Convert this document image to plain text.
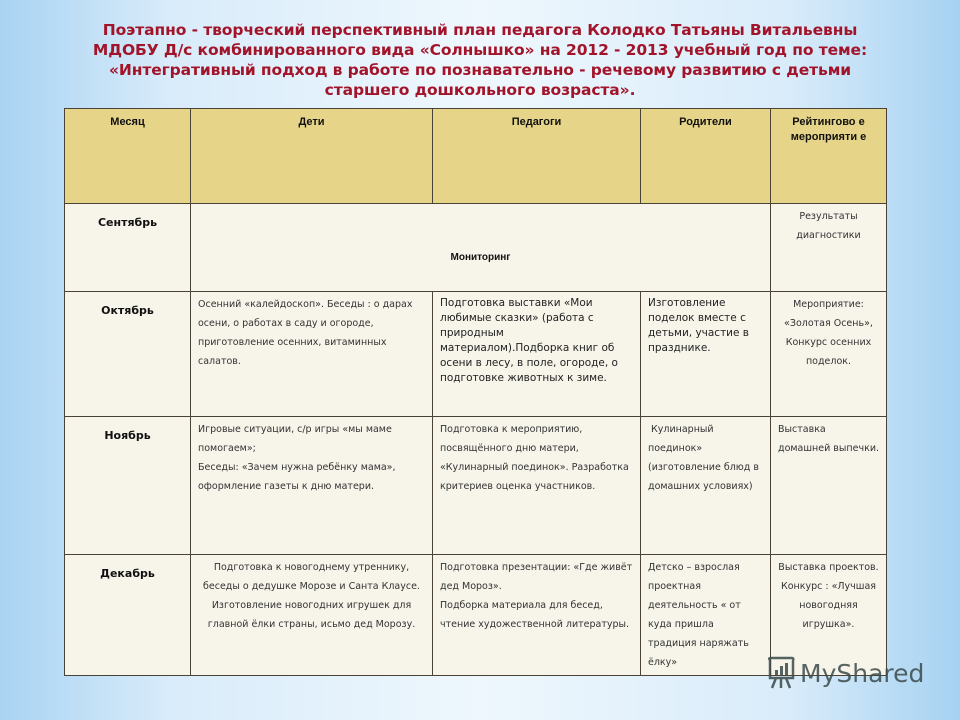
Поэтапно - творческий перспективный план педагога Колодко Татьяны Витальевны
МДОБУ Д/с комбинированного вида «Солнышко» на 2012 - 2013 учебный год по теме:
«Интегративный подход в работе по познавательно - речевому развитию с детьми
старшего дошкольного возраста».
Месяц	Дети	Педагоги	Родители	Рейтингово е мероприяти е
Сентябрь	Мониторинг			Результаты диагностики
Октябрь	Осенний «калейдоскоп». Беседы : о дарах осени, о работах в саду и огороде, приготовление осенних, витаминных салатов.	Подготовка выставки «Мои любимые сказки» (работа с природным материалом).Подборка книг об осени в лесу, в поле, огороде, о подготовке животных к зиме.	Изготовление поделок вместе с детьми, участие в празднике.	Мероприятие: «Золотая Осень», Конкурс осенних поделок.
Ноябрь	Игровые ситуации, с/р игры «мы маме помогаем»;
Беседы: «Зачем нужна ребёнку мама», оформление газеты к дню матери.	Подготовка к мероприятию, посвящённого дню матери, «Кулинарный поединок». Разработка критериев оценка участников.	Кулинарный поединок» (изготовление блюд в домашних условиях)	Выставка домашней выпечки.
Декабрь	Подготовка к новогоднему утреннику, беседы о дедушке Морозе и Санта Клаусе. Изготовление новогодних игрушек для главной ёлки страны, исьмо дед Морозу.	Подготовка презентации: «Где живёт дед Мороз».
Подборка материала для бесед, чтение художественной литературы.	Детско – взрослая проектная деятельность « от куда пришла традиция наряжать ёлку»	Выставка проектов. Конкурс : «Лучшая новогодняя игрушка».
MyShared
